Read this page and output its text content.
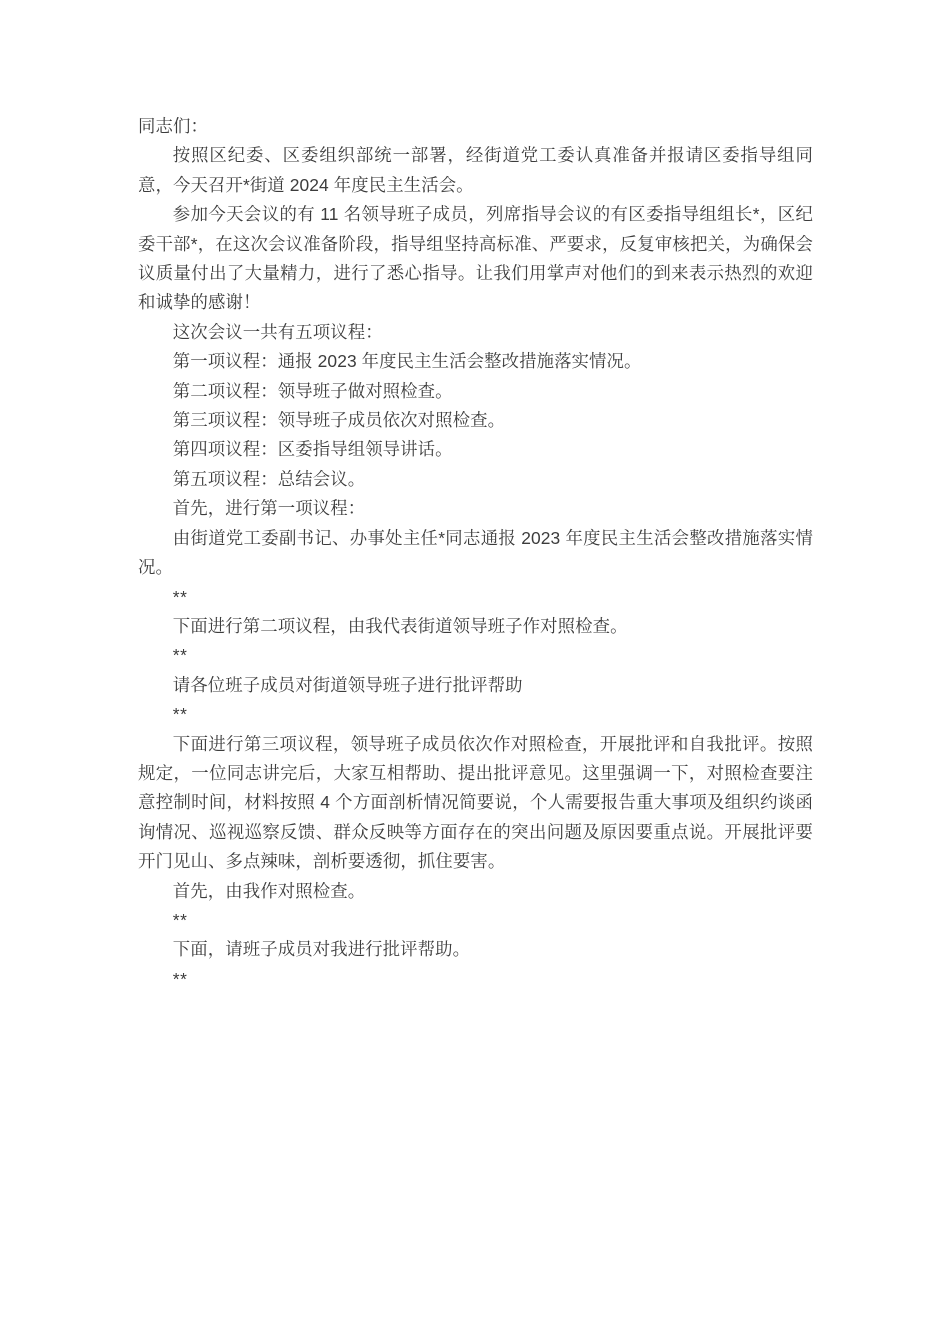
同志们：

按照区纪委、区委组织部统一部署，经街道党工委认真准备并报请区委指导组同意，今天召开*街道 2024 年度民主生活会。

参加今天会议的有 11 名领导班子成员，列席指导会议的有区委指导组组长*，区纪委干部*，在这次会议准备阶段，指导组坚持高标准、严要求，反复审核把关，为确保会议质量付出了大量精力，进行了悉心指导。让我们用掌声对他们的到来表示热烈的欢迎和诚挚的感谢！

这次会议一共有五项议程：

第一项议程：通报 2023 年度民主生活会整改措施落实情况。

第二项议程：领导班子做对照检查。

第三项议程：领导班子成员依次对照检查。

第四项议程：区委指导组领导讲话。

第五项议程：总结会议。

首先，进行第一项议程：

由街道党工委副书记、办事处主任*同志通报 2023 年度民主生活会整改措施落实情况。

**

下面进行第二项议程，由我代表街道领导班子作对照检查。

**

请各位班子成员对街道领导班子进行批评帮助

**

下面进行第三项议程，领导班子成员依次作对照检查，开展批评和自我批评。按照规定，一位同志讲完后，大家互相帮助、提出批评意见。这里强调一下，对照检查要注意控制时间，材料按照 4 个方面剖析情况简要说，个人需要报告重大事项及组织约谈函询情况、巡视巡察反馈、群众反映等方面存在的突出问题及原因要重点说。开展批评要开门见山、多点辣味，剖析要透彻，抓住要害。

首先，由我作对照检查。

**

下面，请班子成员对我进行批评帮助。

**
